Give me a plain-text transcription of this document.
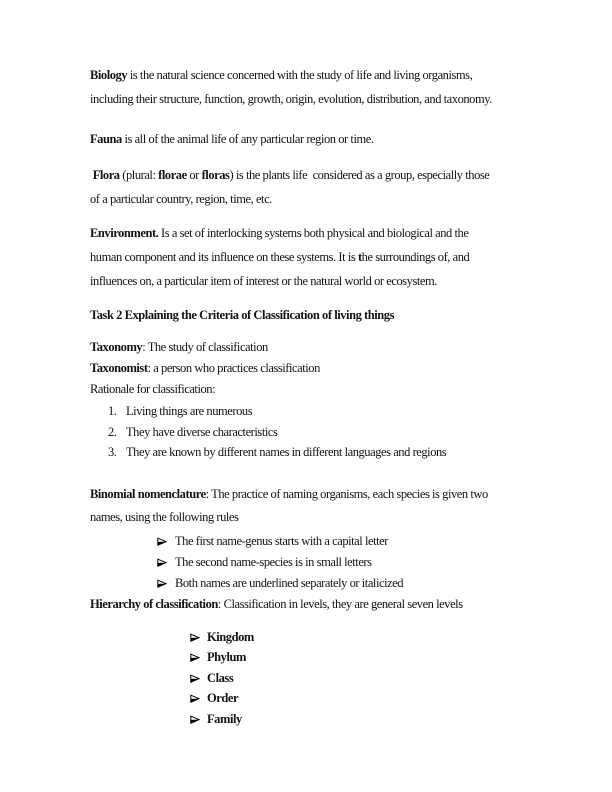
Biology is the natural science concerned with the study of life and living organisms,
including their structure, function, growth, origin, evolution, distribution, and taxonomy.

Fauna is all of the animal life of any particular region or time.

Flora (plural: florae or floras) is the plants life  considered as a group, especially those
of a particular country, region, time, etc.

Environment. Is a set of interlocking systems both physical and biological and the
human component and its influence on these systems. It is the surroundings of, and
influences on, a particular item of interest or the natural world or ecosystem.

Task 2 Explaining the Criteria of Classification of living things

Taxonomy: The study of classification

Taxonomist: a person who practices classification

Rationale for classification:

1. Living things are numerous
2. They have diverse characteristics
3. They are known by different names in different languages and regions

Binomial nomenclature: The practice of naming organisms, each species is given two
names, using the following rules

The first name-genus starts with a capital letter
The second name-species is in small letters
Both names are underlined separately or italicized

Hierarchy of classification: Classification in levels, they are general seven levels

Kingdom
Phylum
Class
Order
Family
